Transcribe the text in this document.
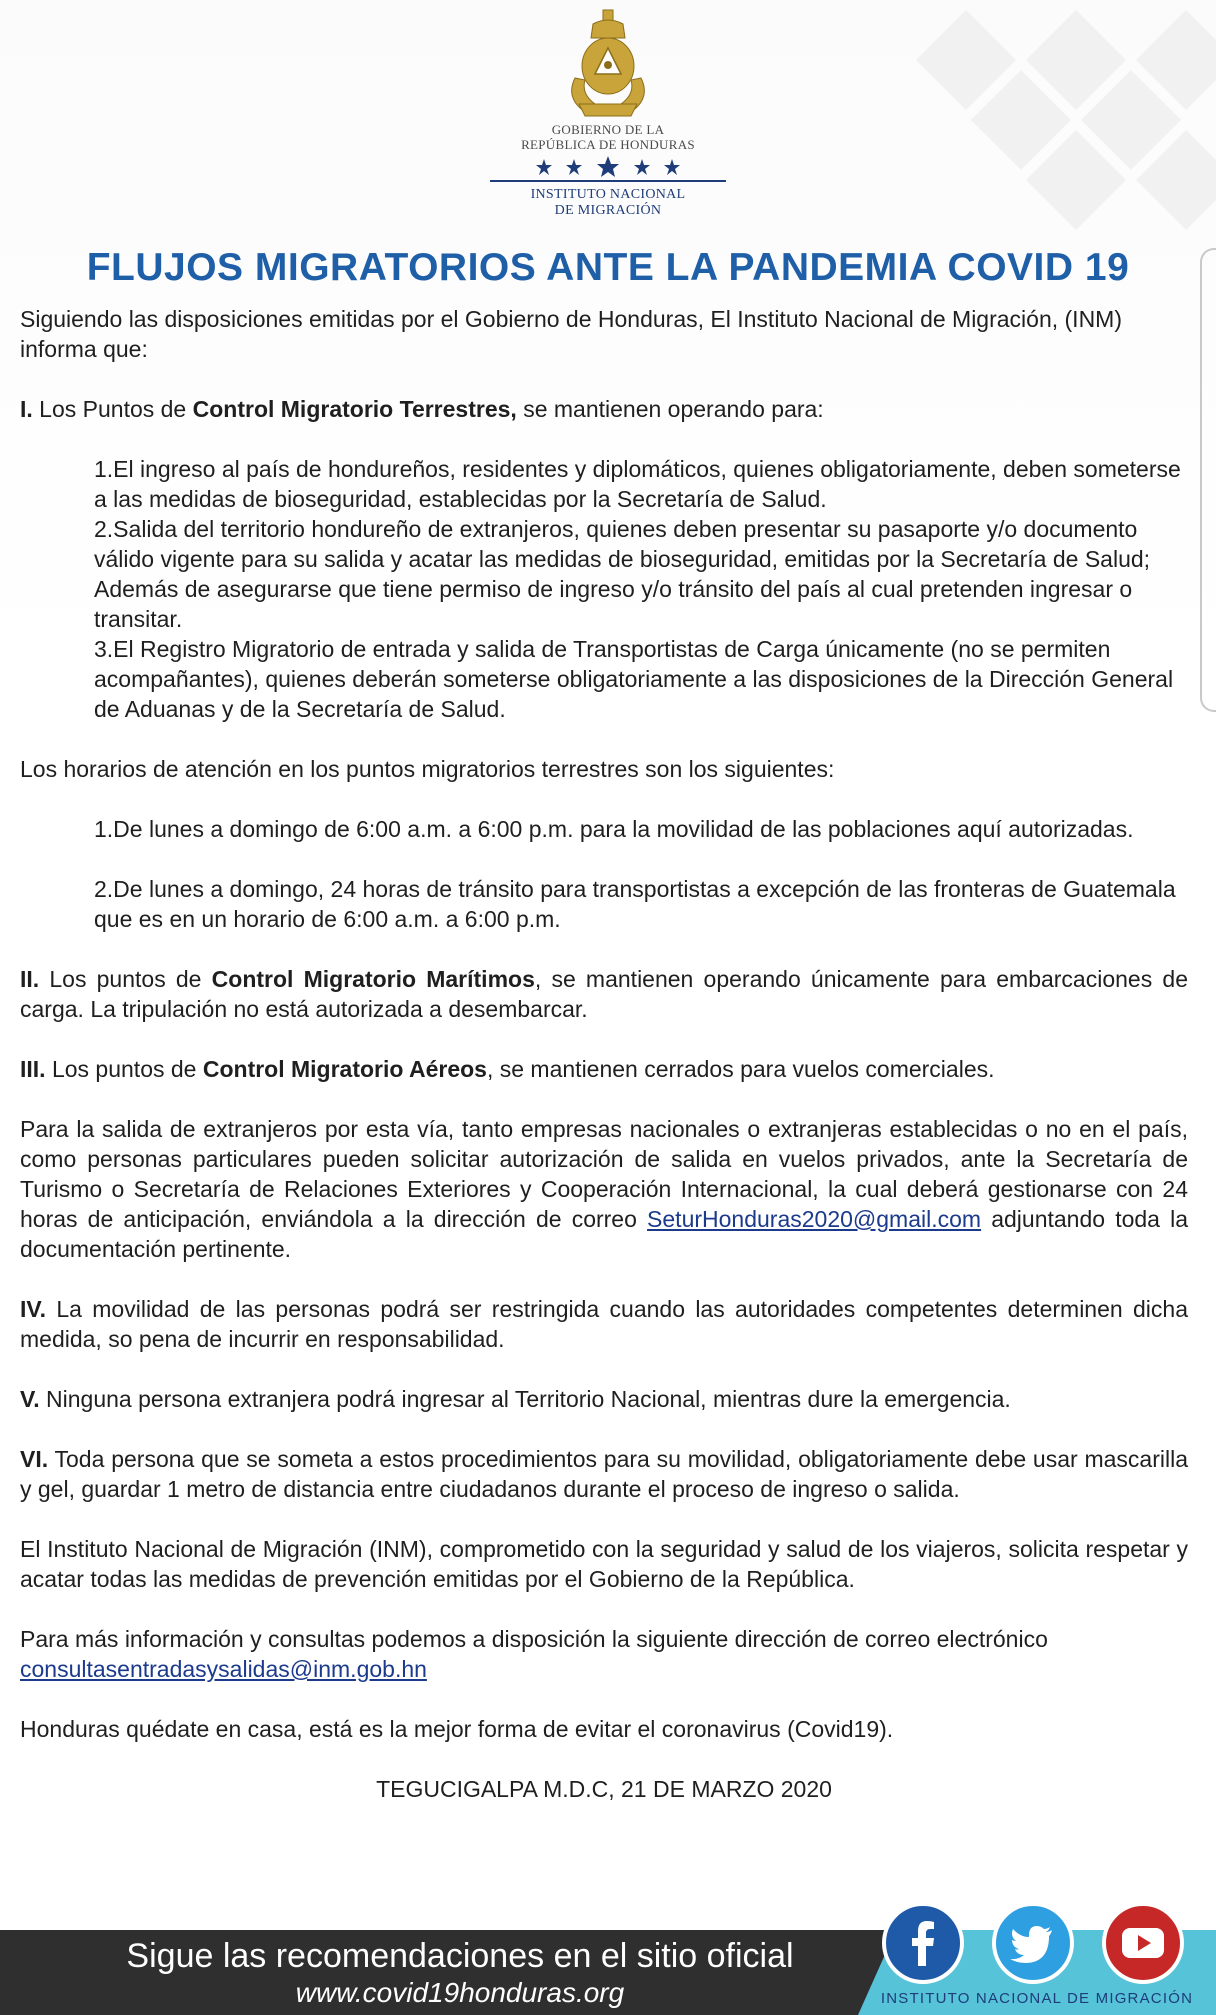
GOBIERNO DE LA
REPÚBLICA DE HONDURAS
INSTITUTO NACIONAL
DE MIGRACIÓN
FLUJOS MIGRATORIOS ANTE LA PANDEMIA COVID 19

Siguiendo las disposiciones emitidas por el Gobierno de Honduras, El Instituto Nacional de Migración, (INM) informa que:

I. Los Puntos de Control Migratorio Terrestres, se mantienen operando para:

1.El ingreso al país de hondureños, residentes y diplomáticos, quienes obligatoriamente, deben someterse a las medidas de bioseguridad, establecidas por la Secretaría de Salud.
2.Salida del territorio hondureño de extranjeros, quienes deben presentar su pasaporte y/o documento válido vigente para su salida y acatar las medidas de bioseguridad, emitidas por la Secretaría de Salud; Además de asegurarse que tiene permiso de ingreso y/o tránsito del país al cual pretenden ingresar o transitar.
3.El Registro Migratorio de entrada y salida de Transportistas de Carga únicamente (no se permiten acompañantes), quienes deberán someterse obligatoriamente a las disposiciones de la Dirección General de Aduanas y de la Secretaría de Salud.

Los horarios de atención en los puntos migratorios terrestres son los siguientes:

1.De lunes a domingo de 6:00 a.m. a 6:00 p.m. para la movilidad de las poblaciones aquí autorizadas.
2.De lunes a domingo, 24 horas de tránsito para transportistas a excepción de las fronteras de Guatemala que es en un horario de 6:00 a.m. a 6:00 p.m.

II. Los puntos de Control Migratorio Marítimos, se mantienen operando únicamente para embarcaciones de carga. La tripulación no está autorizada a desembarcar.

III. Los puntos de Control Migratorio Aéreos, se mantienen cerrados para vuelos comerciales.

Para la salida de extranjeros por esta vía, tanto empresas nacionales o extranjeras establecidas o no en el país, como personas particulares pueden solicitar autorización de salida en vuelos privados, ante la Secretaría de Turismo o Secretaría de Relaciones Exteriores y Cooperación Internacional, la cual deberá gestionarse con 24 horas de anticipación, enviándola a la dirección de correo SeturHonduras2020@gmail.com adjuntando toda la documentación pertinente.

IV. La movilidad de las personas podrá ser restringida cuando las autoridades competentes determinen dicha medida, so pena de incurrir en responsabilidad.

V. Ninguna persona extranjera podrá ingresar al Territorio Nacional, mientras dure la emergencia.

VI. Toda persona que se someta a estos procedimientos para su movilidad, obligatoriamente debe usar mascarilla y gel, guardar 1 metro de distancia entre ciudadanos durante el proceso de ingreso o salida.

El Instituto Nacional de Migración (INM), comprometido con la seguridad y salud de los viajeros, solicita respetar y acatar todas las medidas de prevención emitidas por el Gobierno de la República.

Para más información y consultas podemos a disposición la siguiente dirección de correo electrónico
consultasentradasysalidas@inm.gob.hn

Honduras quédate en casa, está es la mejor forma de evitar el coronavirus (Covid19).

TEGUCIGALPA M.D.C, 21 DE MARZO 2020

Sigue las recomendaciones en el sitio oficial
www.covid19honduras.org	INSTITUTO NACIONAL DE MIGRACIÓN
